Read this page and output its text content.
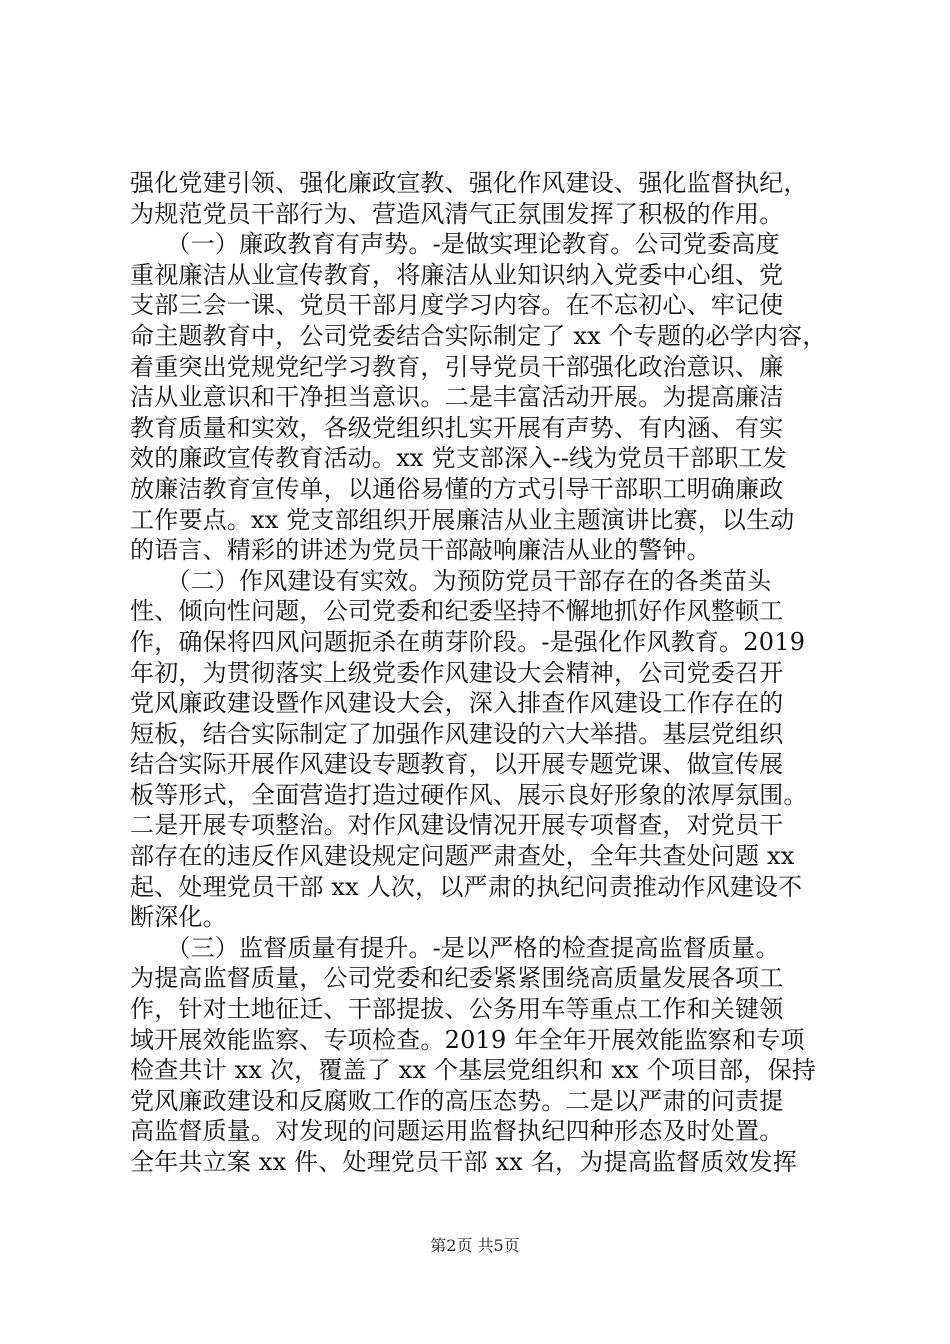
强化党建引领、强化廉政宣教、强化作风建设、强化监督执纪，
为规范党员干部行为、营造风清气正氛围发挥了积极的作用。
　　（一）廉政教育有声势。-是做实理论教育。公司党委高度
重视廉洁从业宣传教育，将廉洁从业知识纳入党委中心组、党
支部三会一课、党员干部月度学习内容。在不忘初心、牢记使
命主题教育中，公司党委结合实际制定了 xx 个专题的必学内容，
着重突出党规党纪学习教育，引导党员干部强化政治意识、廉
洁从业意识和干净担当意识。二是丰富活动开展。为提高廉洁
教育质量和实效，各级党组织扎实开展有声势、有内涵、有实
效的廉政宣传教育活动。xx 党支部深入--线为党员干部职工发
放廉洁教育宣传单，以通俗易懂的方式引导干部职工明确廉政
工作要点。xx 党支部组织开展廉洁从业主题演讲比赛，以生动
的语言、精彩的讲述为党员干部敲响廉洁从业的警钟。
　　（二）作风建设有实效。为预防党员干部存在的各类苗头
性、倾向性问题，公司党委和纪委坚持不懈地抓好作风整顿工
作，确保将四风问题扼杀在萌芽阶段。-是强化作风教育。2019
年初，为贯彻落实上级党委作风建设大会精神，公司党委召开
党风廉政建设暨作风建设大会，深入排查作风建设工作存在的
短板，结合实际制定了加强作风建设的六大举措。基层党组织
结合实际开展作风建设专题教育，以开展专题党课、做宣传展
板等形式，全面营造打造过硬作风、展示良好形象的浓厚氛围。
二是开展专项整治。对作风建设情况开展专项督查，对党员干
部存在的违反作风建设规定问题严肃查处，全年共查处问题 xx
起、处理党员干部 xx 人次，以严肃的执纪问责推动作风建设不
断深化。
　　（三）监督质量有提升。-是以严格的检查提高监督质量。
为提高监督质量，公司党委和纪委紧紧围绕高质量发展各项工
作，针对土地征迁、干部提拔、公务用车等重点工作和关键领
域开展效能监察、专项检查。2019 年全年开展效能监察和专项
检查共计 xx 次，覆盖了 xx 个基层党组织和 xx 个项目部，保持
党风廉政建设和反腐败工作的高压态势。二是以严肃的问责提
高监督质量。对发现的问题运用监督执纪四种形态及时处置。
全年共立案 xx 件、处理党员干部 xx 名，为提高监督质效发挥
第2页 共5页
